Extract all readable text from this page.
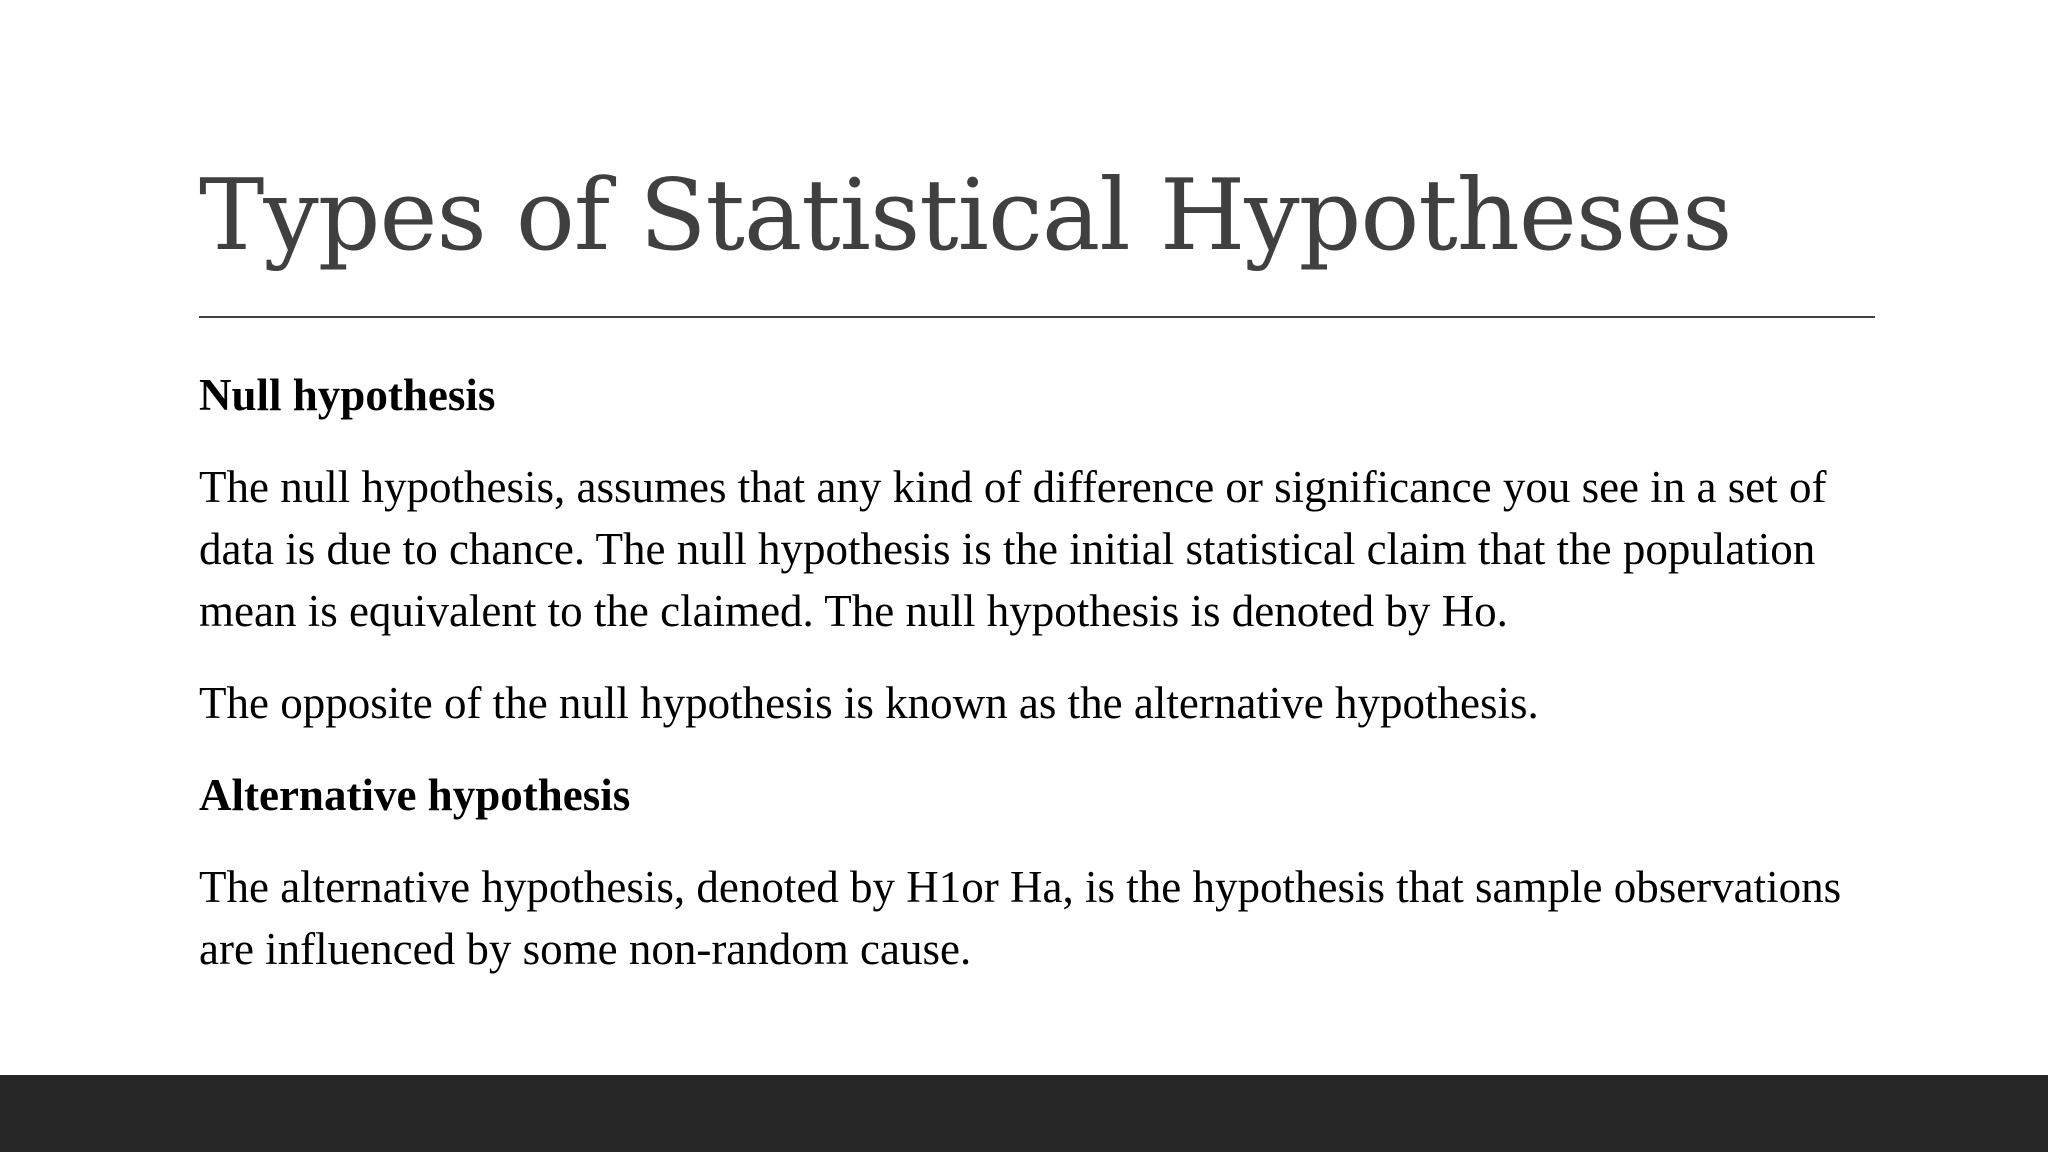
Types of Statistical Hypotheses

Null hypothesis

The null hypothesis, assumes that any kind of difference or significance you see in a set of data is due to chance. The null hypothesis is the initial statistical claim that the population mean is equivalent to the claimed. The null hypothesis is denoted by Ho.

The opposite of the null hypothesis is known as the alternative hypothesis.

Alternative hypothesis

The alternative hypothesis, denoted by H1or Ha, is the hypothesis that sample observations are influenced by some non-random cause.
